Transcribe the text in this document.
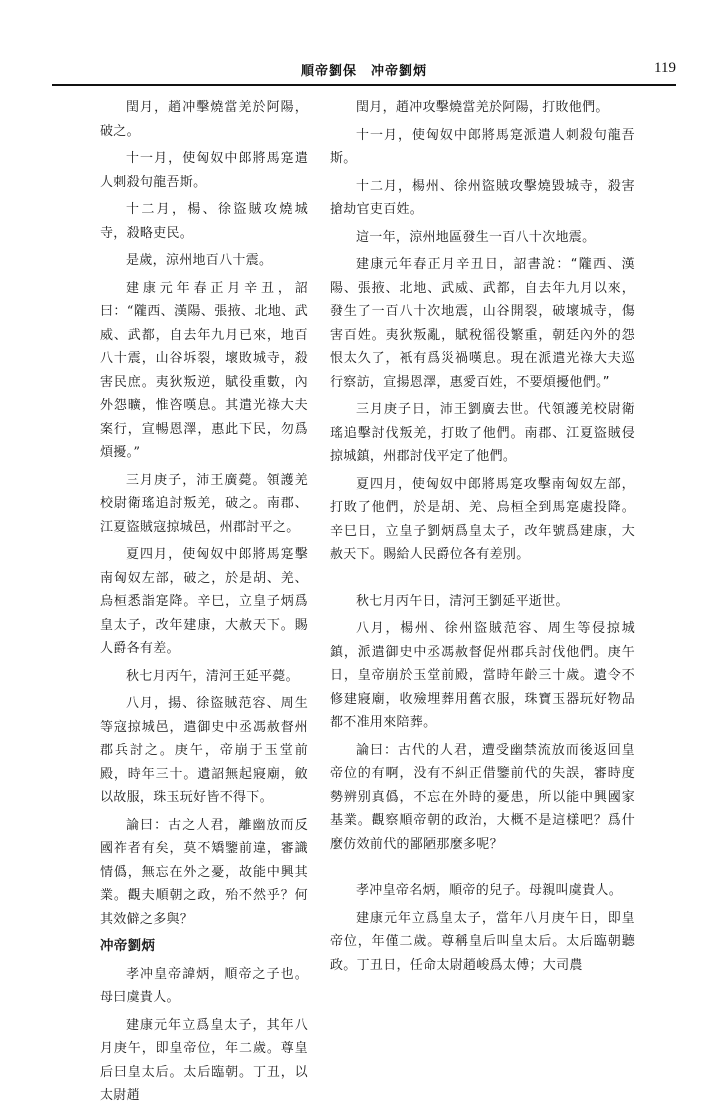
順帝劉保　冲帝劉炳	119

閏月，趙冲擊燒當羌於阿陽，破之。

十一月，使匈奴中郎將馬寔遣人刺殺句龍吾斯。

十二月，楊、徐盜賊攻燒城寺，殺略吏民。

是歲，涼州地百八十震。

建康元年春正月辛丑，詔曰：“隴西、漢陽、張掖、北地、武威、武都，自去年九月已來，地百八十震，山谷坼裂，壞敗城寺，殺害民庶。夷狄叛逆，賦役重數，內外怨曠，惟咨嘆息。其遣光祿大夫案行，宣暢恩澤，惠此下民，勿爲煩擾。”

三月庚子，沛王廣薨。領護羌校尉衛瑤追討叛羌，破之。南郡、江夏盜賊寇掠城邑，州郡討平之。

夏四月，使匈奴中郎將馬寔擊南匈奴左部，破之，於是胡、羌、烏桓悉詣寔降。辛巳，立皇子炳爲皇太子，改年建康，大赦天下。賜人爵各有差。

秋七月丙午，清河王延平薨。

八月，揚、徐盜賊范容、周生等寇掠城邑，遣御史中丞馮赦督州郡兵討之。庚午，帝崩于玉堂前殿，時年三十。遺詔無起寢廟，斂以故服，珠玉玩好皆不得下。

論曰：古之人君，離幽放而反國祚者有矣，莫不矯鑒前違，審識情僞，無忘在外之憂，故能中興其業。觀夫順朝之政，殆不然乎？何其效僻之多與？

冲帝劉炳

孝冲皇帝諱炳，順帝之子也。母曰虞貴人。

建康元年立爲皇太子，其年八月庚午，即皇帝位，年二歲。尊皇后曰皇太后。太后臨朝。丁丑，以太尉趙

閏月，趙冲攻擊燒當羌於阿陽，打敗他們。

十一月，使匈奴中郎將馬寔派遣人刺殺句龍吾斯。

十二月，楊州、徐州盜賊攻擊燒毀城寺，殺害搶劫官吏百姓。

這一年，涼州地區發生一百八十次地震。

建康元年春正月辛丑日，詔書說：“隴西、漢陽、張掖、北地、武威、武都，自去年九月以來，發生了一百八十次地震，山谷開裂，破壞城寺，傷害百姓。夷狄叛亂，賦稅徭役繁重，朝廷內外的怨恨太久了，衹有爲災禍嘆息。現在派遣光祿大夫巡行察訪，宣揚恩澤，惠愛百姓，不要煩擾他們。”

三月庚子日，沛王劉廣去世。代領護羌校尉衛瑤追擊討伐叛羌，打敗了他們。南郡、江夏盜賊侵掠城鎮，州郡討伐平定了他們。

夏四月，使匈奴中郎將馬寔攻擊南匈奴左部，打敗了他們，於是胡、羌、烏桓全到馬寔處投降。辛巳日，立皇子劉炳爲皇太子，改年號爲建康，大赦天下。賜給人民爵位各有差別。

秋七月丙午日，清河王劉延平逝世。

八月，楊州、徐州盜賊范容、周生等侵掠城鎮，派遣御史中丞馮赦督促州郡兵討伐他們。庚午日，皇帝崩於玉堂前殿，當時年齡三十歲。遺令不修建寢廟，收殮埋葬用舊衣服，珠寶玉器玩好物品都不准用來陪葬。

論曰：古代的人君，遭受幽禁流放而後返回皇帝位的有啊，没有不糾正借鑒前代的失誤，審時度勢辨别真僞，不忘在外時的憂患，所以能中興國家基業。觀察順帝朝的政治，大概不是這樣吧？爲什麼仿效前代的鄙陋那麼多呢？

孝冲皇帝名炳，順帝的兒子。母親叫虞貴人。

建康元年立爲皇太子，當年八月庚午日，即皇帝位，年僅二歲。尊稱皇后叫皇太后。太后臨朝聽政。丁丑日，任命太尉趙峻爲太傅；大司農
